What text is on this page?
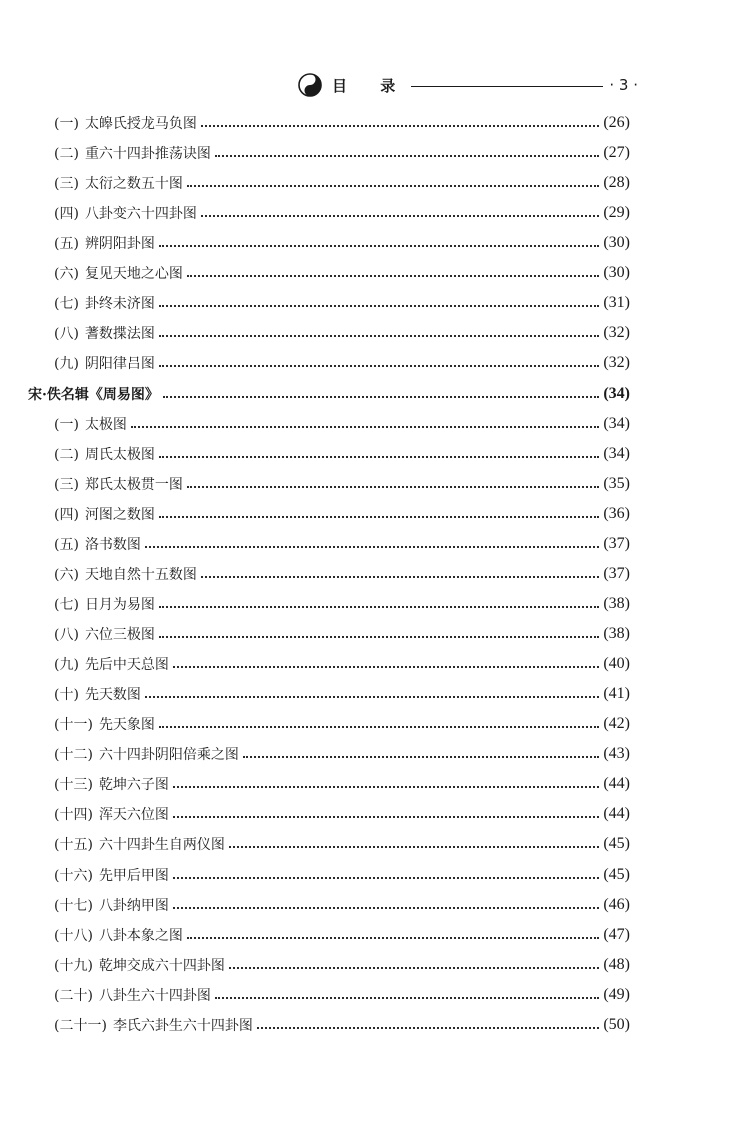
目 录	· 3 ·
(一) 太皞氏授龙马负图	(26)
(二) 重六十四卦推荡诀图	(27)
(三) 太衍之数五十图	(28)
(四) 八卦变六十四卦图	(29)
(五) 辨阴阳卦图	(30)
(六) 复见天地之心图	(30)
(七) 卦终未济图	(31)
(八) 蓍数揲法图	(32)
(九) 阴阳律吕图	(32)
宋·佚名辑《周易图》	(34)
(一) 太极图	(34)
(二) 周氏太极图	(34)
(三) 郑氏太极贯一图	(35)
(四) 河图之数图	(36)
(五) 洛书数图	(37)
(六) 天地自然十五数图	(37)
(七) 日月为易图	(38)
(八) 六位三极图	(38)
(九) 先后中天总图	(40)
(十) 先天数图	(41)
(十一) 先天象图	(42)
(十二) 六十四卦阴阳倍乘之图	(43)
(十三) 乾坤六子图	(44)
(十四) 浑天六位图	(44)
(十五) 六十四卦生自两仪图	(45)
(十六) 先甲后甲图	(45)
(十七) 八卦纳甲图	(46)
(十八) 八卦本象之图	(47)
(十九) 乾坤交成六十四卦图	(48)
(二十) 八卦生六十四卦图	(49)
(二十一) 李氏六卦生六十四卦图	(50)
